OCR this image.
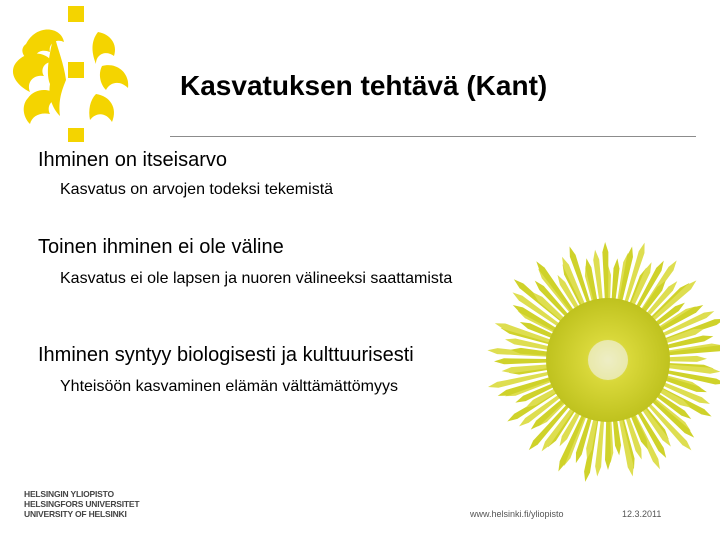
Kasvatuksen tehtävä (Kant)
Ihminen on itseisarvo
Kasvatus on arvojen todeksi tekemistä
Toinen ihminen ei ole väline
Kasvatus ei ole lapsen ja nuoren välineeksi saattamista
Ihminen syntyy biologisesti ja kulttuurisesti
Yhteisöön kasvaminen elämän välttämättömyys
HELSINGIN YLIOPISTO
HELSINGFORS UNIVERSITET
UNIVERSITY OF HELSINKI	www.helsinki.fi/yliopisto	12.3.2011
